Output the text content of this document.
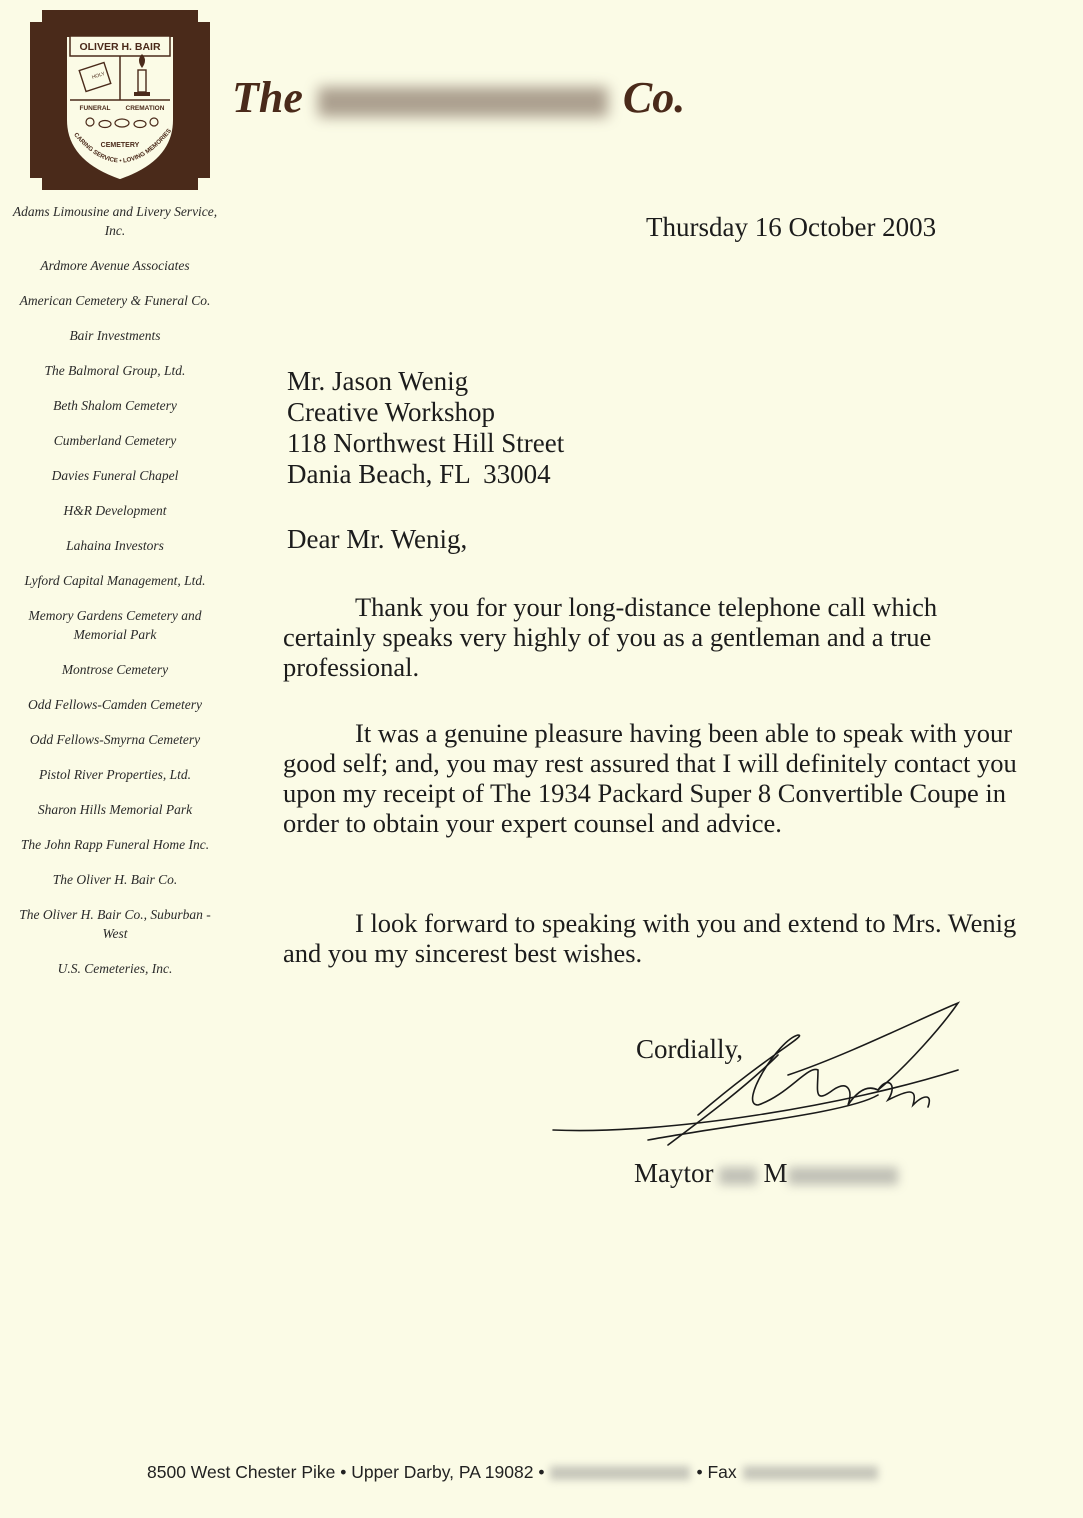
OLIVER H. BAIR
HOLY
FUNERAL CREMATION
CEMETERY
CARING SERVICE • LOVING MEMORIES
The	Co.
Adams Limousine and Livery Service, Inc.
Ardmore Avenue Associates
American Cemetery & Funeral Co.
Bair Investments
The Balmoral Group, Ltd.
Beth Shalom Cemetery
Cumberland Cemetery
Davies Funeral Chapel
H&R Development
Lahaina Investors
Lyford Capital Management, Ltd.
Memory Gardens Cemetery and Memorial Park
Montrose Cemetery
Odd Fellows-Camden Cemetery
Odd Fellows-Smyrna Cemetery
Pistol River Properties, Ltd.
Sharon Hills Memorial Park
The John Rapp Funeral Home Inc.
The Oliver H. Bair Co.
The Oliver H. Bair Co., Suburban - West
U.S. Cemeteries, Inc.
Thursday 16 October 2003
Mr. Jason Wenig
Creative Workshop
118 Northwest Hill Street
Dania Beach, FL  33004
Dear Mr. Wenig,
Thank you for your long-distance telephone call which certainly speaks very highly of you as a gentleman and a true professional.
It was a genuine pleasure having been able to speak with your good self; and, you may rest assured that I will definitely contact you upon my receipt of The 1934 Packard Super 8 Convertible Coupe in order to obtain your expert counsel and advice.
I look forward to speaking with you and extend to Mrs. Wenig and you my sincerest best wishes.
Cordially,
Maytor M
8500 West Chester Pike • Upper Darby, PA 19082 •	• Fax
